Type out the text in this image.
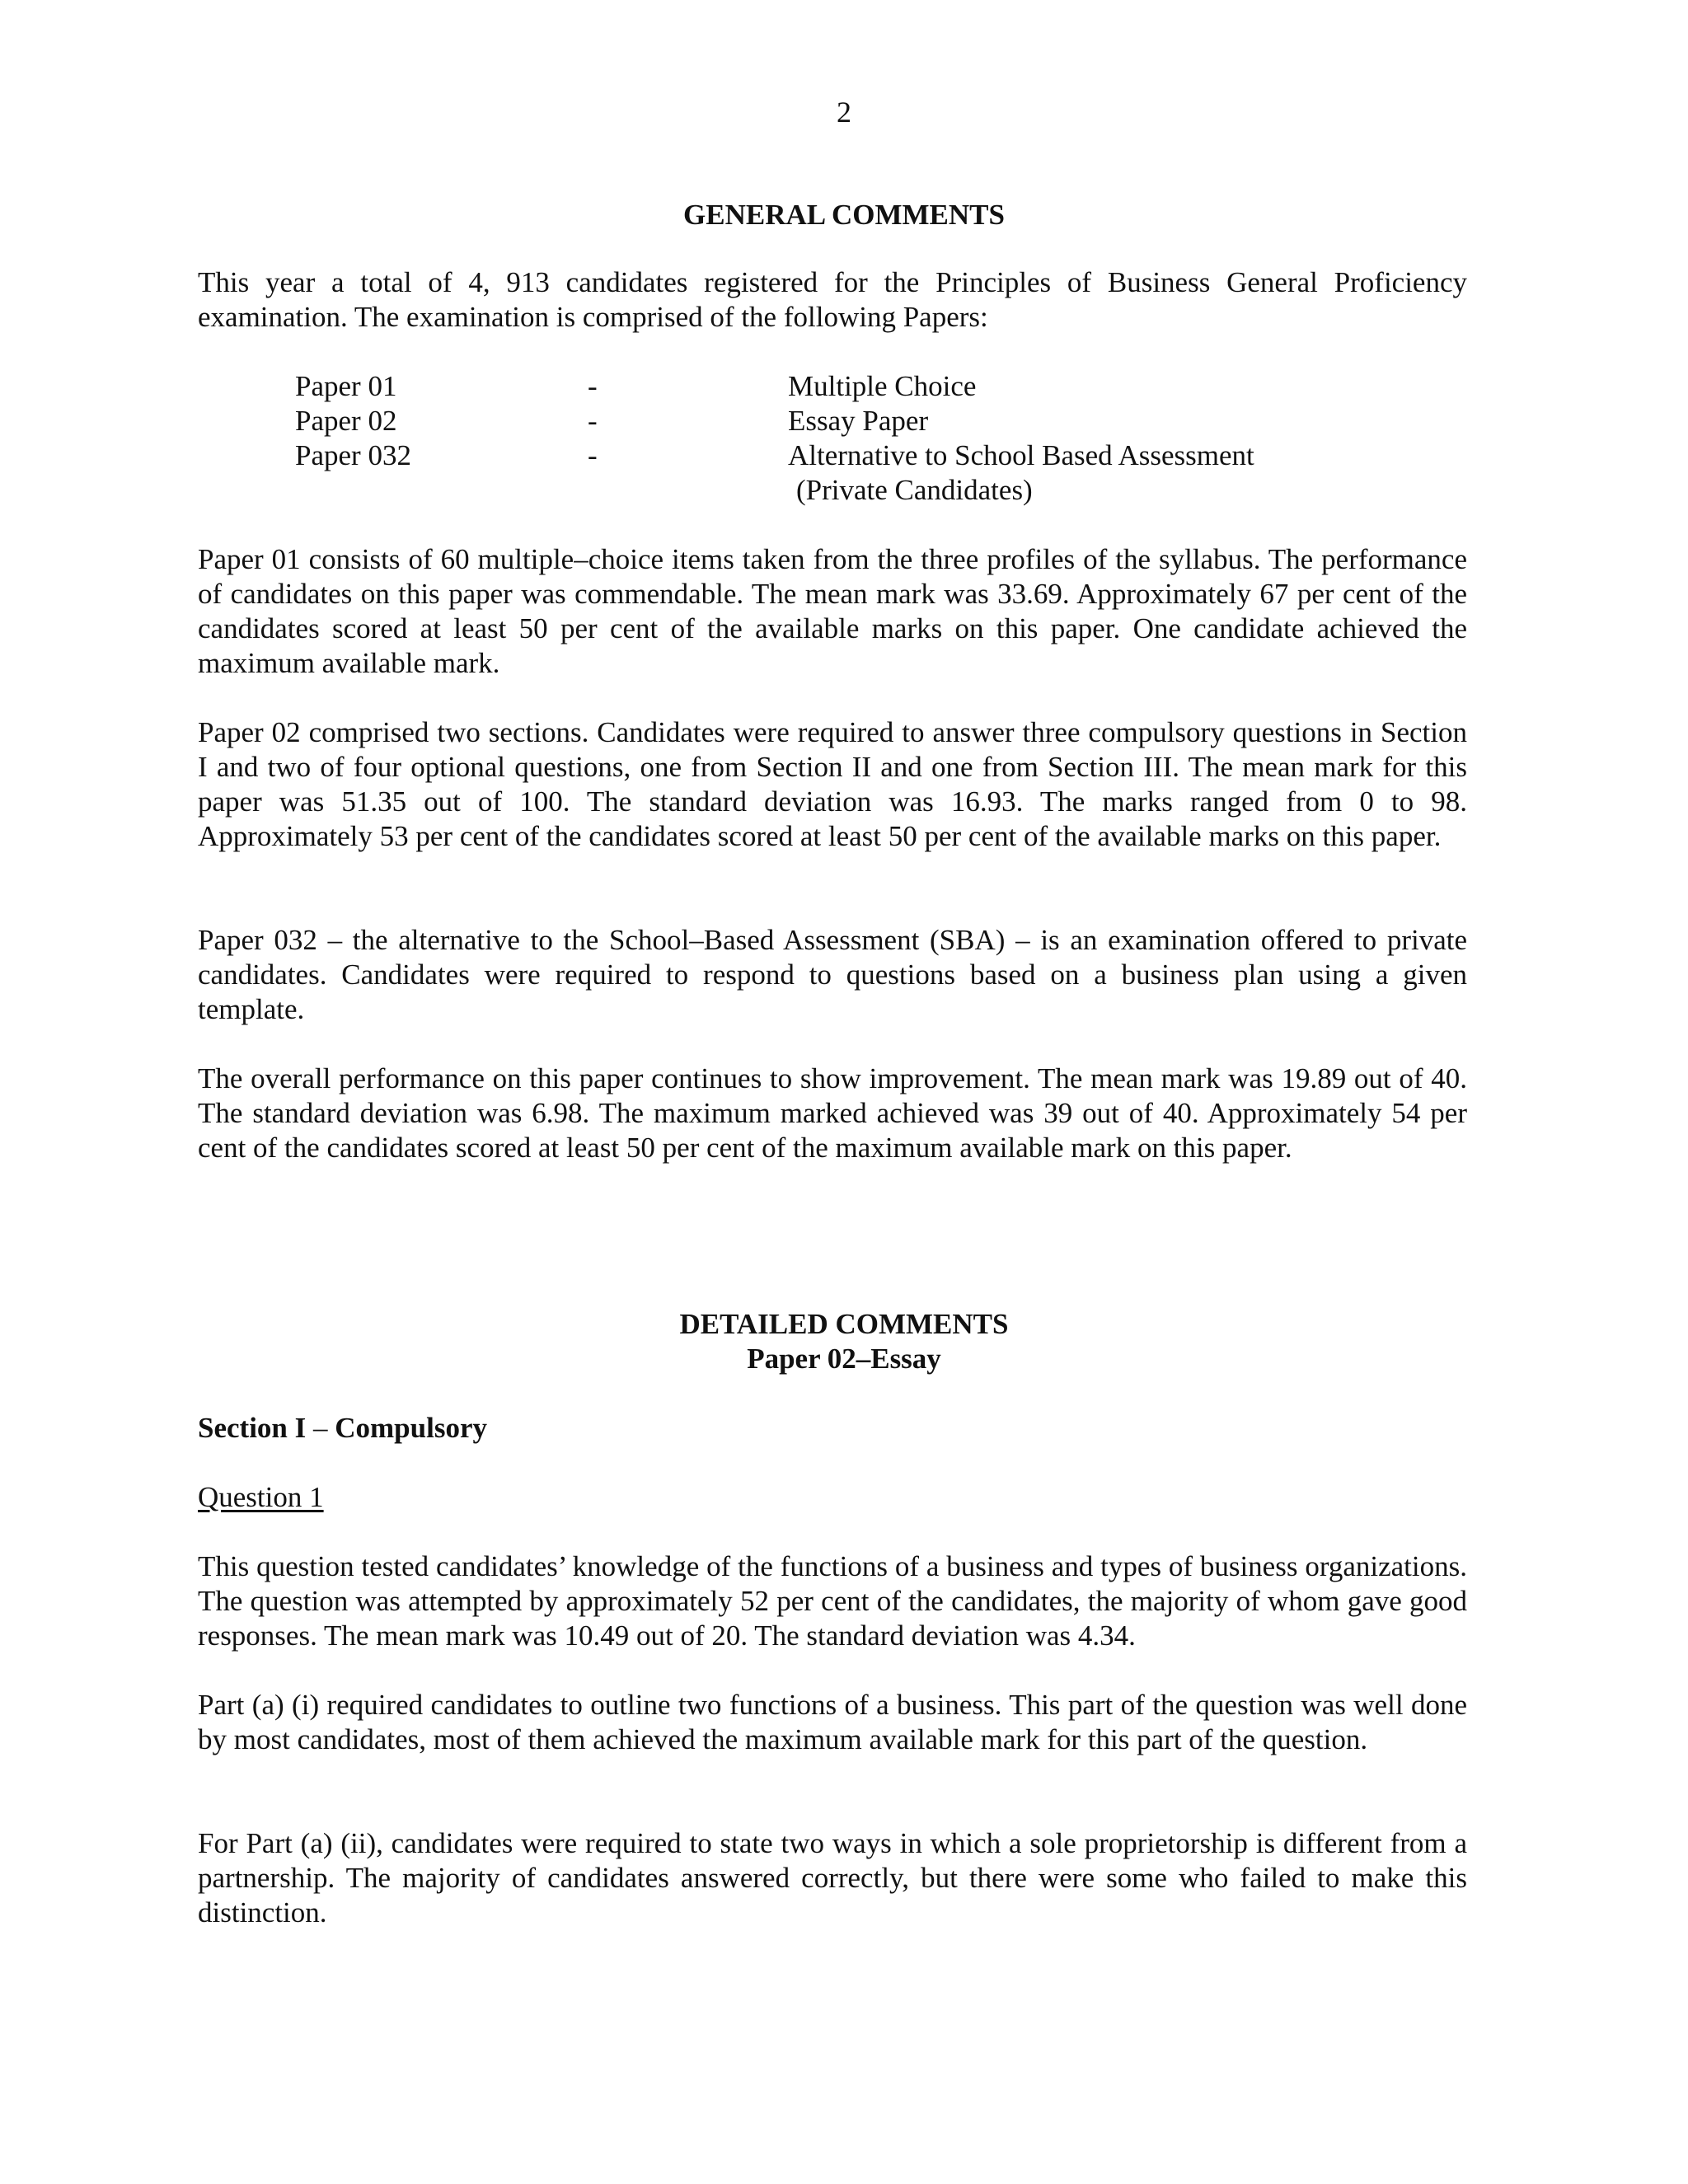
2
GENERAL COMMENTS

This year a total of 4, 913 candidates registered for the Principles of Business General Proficiency examination. The examination is comprised of the following Papers:

Paper 01	-	Multiple Choice
Paper 02	-	Essay Paper
Paper 032	-	Alternative to School Based Assessment
(Private Candidates)

Paper 01 consists of 60 multiple–choice items taken from the three profiles of the syllabus. The performance of candidates on this paper was commendable. The mean mark was 33.69. Approximately 67 per cent of the candidates scored at least 50 per cent of the available marks on this paper. One candidate achieved the maximum available mark.

Paper 02 comprised two sections. Candidates were required to answer three compulsory questions in Section I and two of four optional questions, one from Section II and one from Section III. The mean mark for this paper was 51.35 out of 100. The standard deviation was 16.93. The marks ranged from 0 to 98. Approximately 53 per cent of the candidates scored at least 50 per cent of the available marks on this paper.

Paper 032 – the alternative to the School–Based Assessment (SBA) – is an examination offered to private candidates. Candidates were required to respond to questions based on a business plan using a given template.

The overall performance on this paper continues to show improvement. The mean mark was 19.89 out of 40. The standard deviation was 6.98. The maximum marked achieved was 39 out of 40. Approximately 54 per cent of the candidates scored at least 50 per cent of the maximum available mark on this paper.

DETAILED COMMENTS
Paper 02–Essay
Section I – Compulsory
Question 1

This question tested candidates’ knowledge of the functions of a business and types of business organizations. The question was attempted by approximately 52 per cent of the candidates, the majority of whom gave good responses. The mean mark was 10.49 out of 20. The standard deviation was 4.34.

Part (a) (i) required candidates to outline two functions of a business. This part of the question was well done by most candidates, most of them achieved the maximum available mark for this part of the question.

For Part (a) (ii), candidates were required to state two ways in which a sole proprietorship is different from a partnership. The majority of candidates answered correctly, but there were some who failed to make this distinction.
